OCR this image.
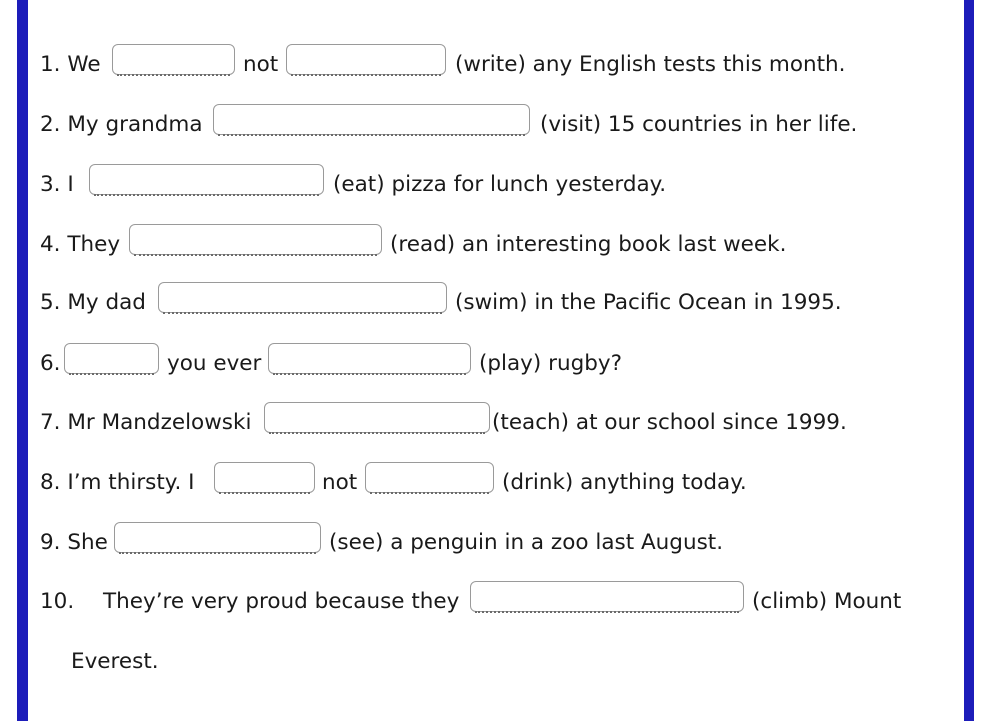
1. We	not	(write) any English tests this month.
2. My grandma	(visit) 15 countries in her life.
3. I	(eat) pizza for lunch yesterday.
4. They	(read) an interesting book last week.
5. My dad	(swim) in the Pacific Ocean in 1995.
6.	you ever	(play) rugby?
7. Mr Mandzelowski	(teach) at our school since 1999.
8. I’m thirsty. I	not	(drink) anything today.
9. She	(see) a penguin in a zoo last August.
10. They’re very proud because they	(climb) Mount
Everest.
